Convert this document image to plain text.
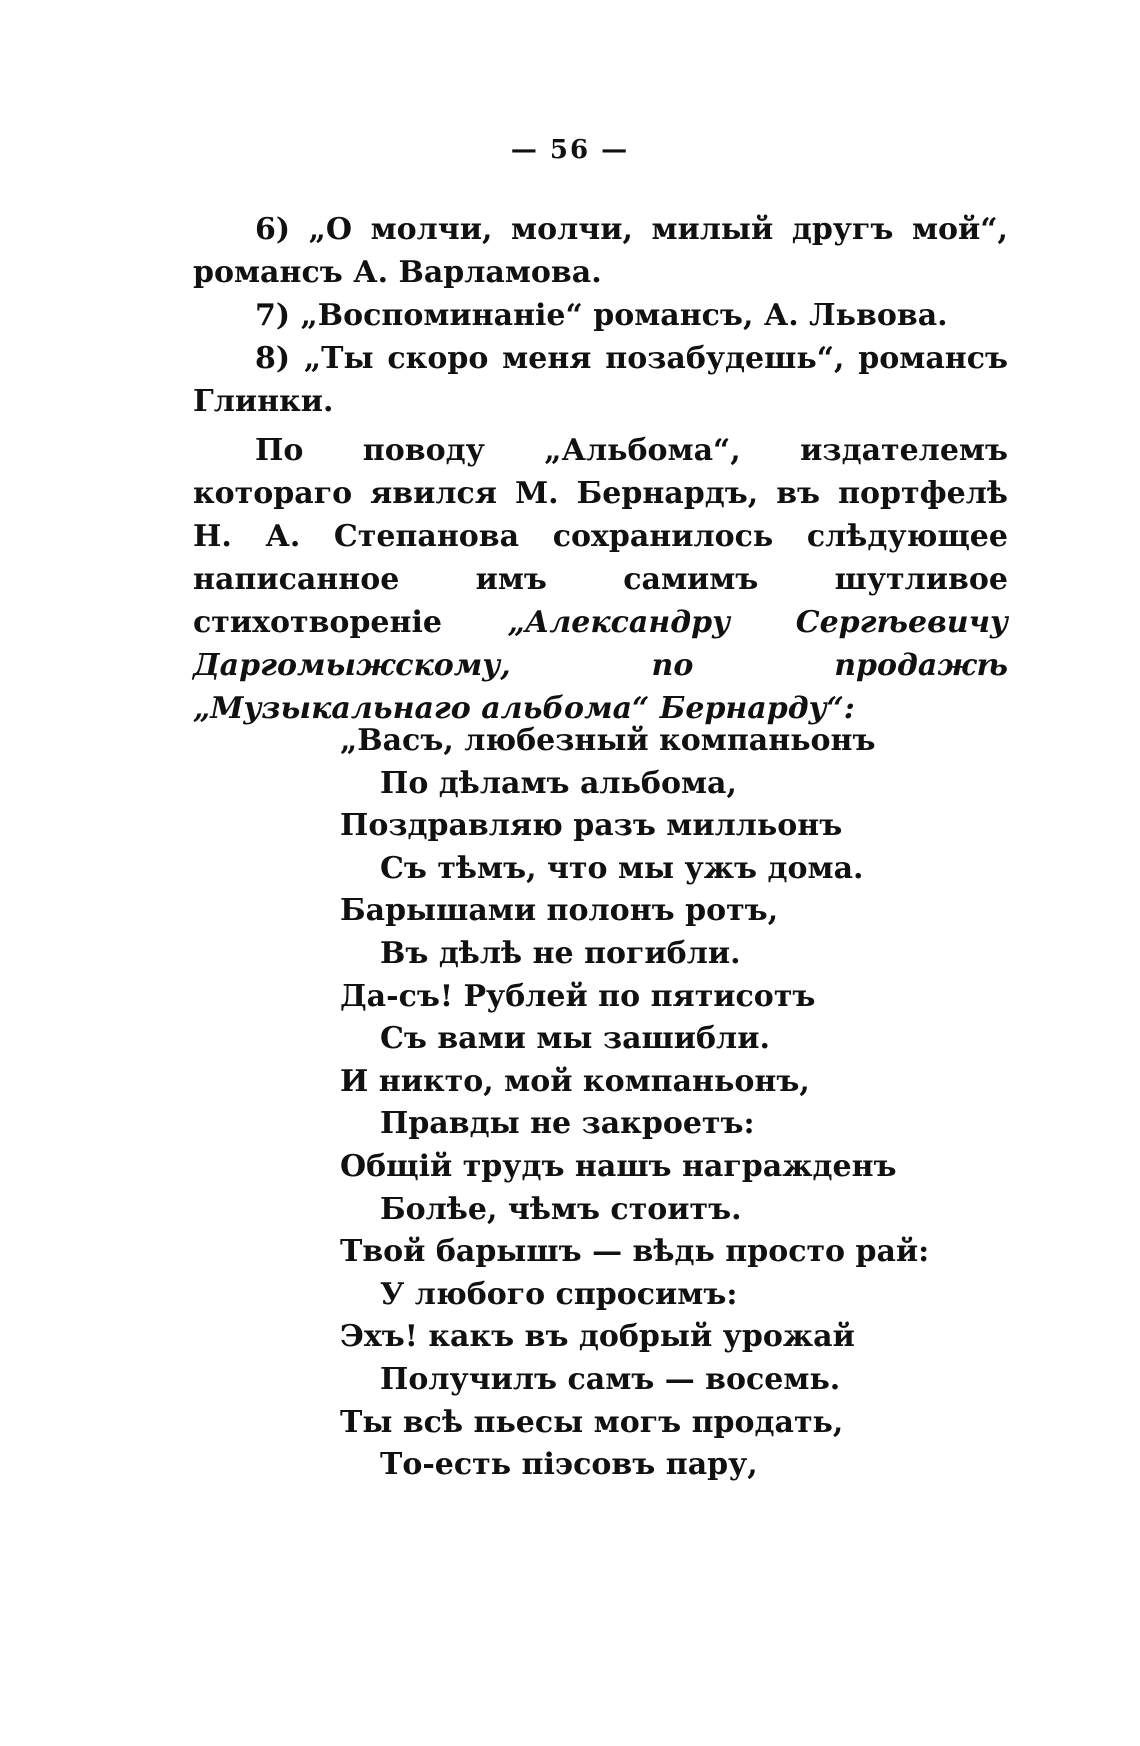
— 56 —

6) „О молчи, молчи, милый другъ мой“, романсъ А. Варламова.

7) „Воспоминаніе“ романсъ, А. Львова.

8) „Ты скоро меня позабудешь“, романсъ Глинки.

По поводу „Альбома“, издателемъ котораго явился М. Бернардъ, въ портфелѣ Н. А. Степанова сохранилось слѣдующее написанное имъ самимъ шутливое стихотвореніе „Александру Сергѣевичу Даргомыжскому, по продажѣ „Музыкальнаго альбома“ Бернарду“:

„Васъ, любезный компаньонъ
По дѣламъ альбома,
Поздравляю разъ милльонъ
Съ тѣмъ, что мы ужъ дома.
Барышами полонъ ротъ,
Въ дѣлѣ не погибли.
Да-съ! Рублей по пятисотъ
Съ вами мы зашибли.
И никто, мой компаньонъ,
Правды не закроетъ:
Общій трудъ нашъ награжденъ
Болѣе, чѣмъ стоитъ.
Твой барышъ — вѣдь просто рай:
У любого спросимъ:
Эхъ! какъ въ добрый урожай
Получилъ самъ — восемь.
Ты всѣ пьесы могъ продать,
То-есть піэсовъ пару,
